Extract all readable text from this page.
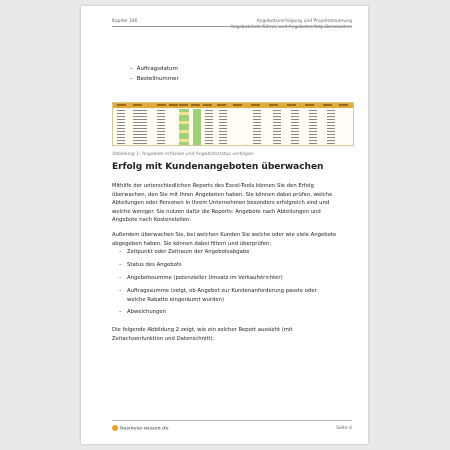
Kapitel 346	Angebotsverfolgung und Projektsteuerung
Angebotsliste führen und Angebotserfolg überwachen
– Auftragsdatum
– Bestellnummer
Abbildung 1: Angebote erfassen und Angebotsstatus verfolgen
Erfolg mit Kundenangeboten überwachen
Mithilfe der unterschiedlichen Reports des Excel-Tools können Sie den Erfolg
überwachen, den Sie mit Ihren Angeboten haben. Sie können dabei prüfen, welche
Abteilungen oder Personen in Ihrem Unternehmen besonders erfolgreich sind und
welche weniger. Sie nutzen dafür die Reports: Angebote nach Abteilungen und
Angebote nach Kostenstellen.
Außerdem überwachen Sie, bei welchen Kunden Sie welche oder wie viele Angebote
abgegeben haben. Sie können dabei filtern und überprüfen:
– Zeitpunkt oder Zeitraum der Angebotsabgabe
– Status des Angebots
– Angebotssumme (potenzieller Umsatz im Verkaufstrichter)
– Auftragssumme (zeigt, ob Angebot zur Kundenanforderung passte oder
welche Rabatte eingeräumt wurden)
– Abweichungen
Die folgende Abbildung 2 zeigt, wie ein solcher Report aussieht (mit
Zeitachsenfunktion und Datenschnitt).
business-wissen.de	Seite 4
